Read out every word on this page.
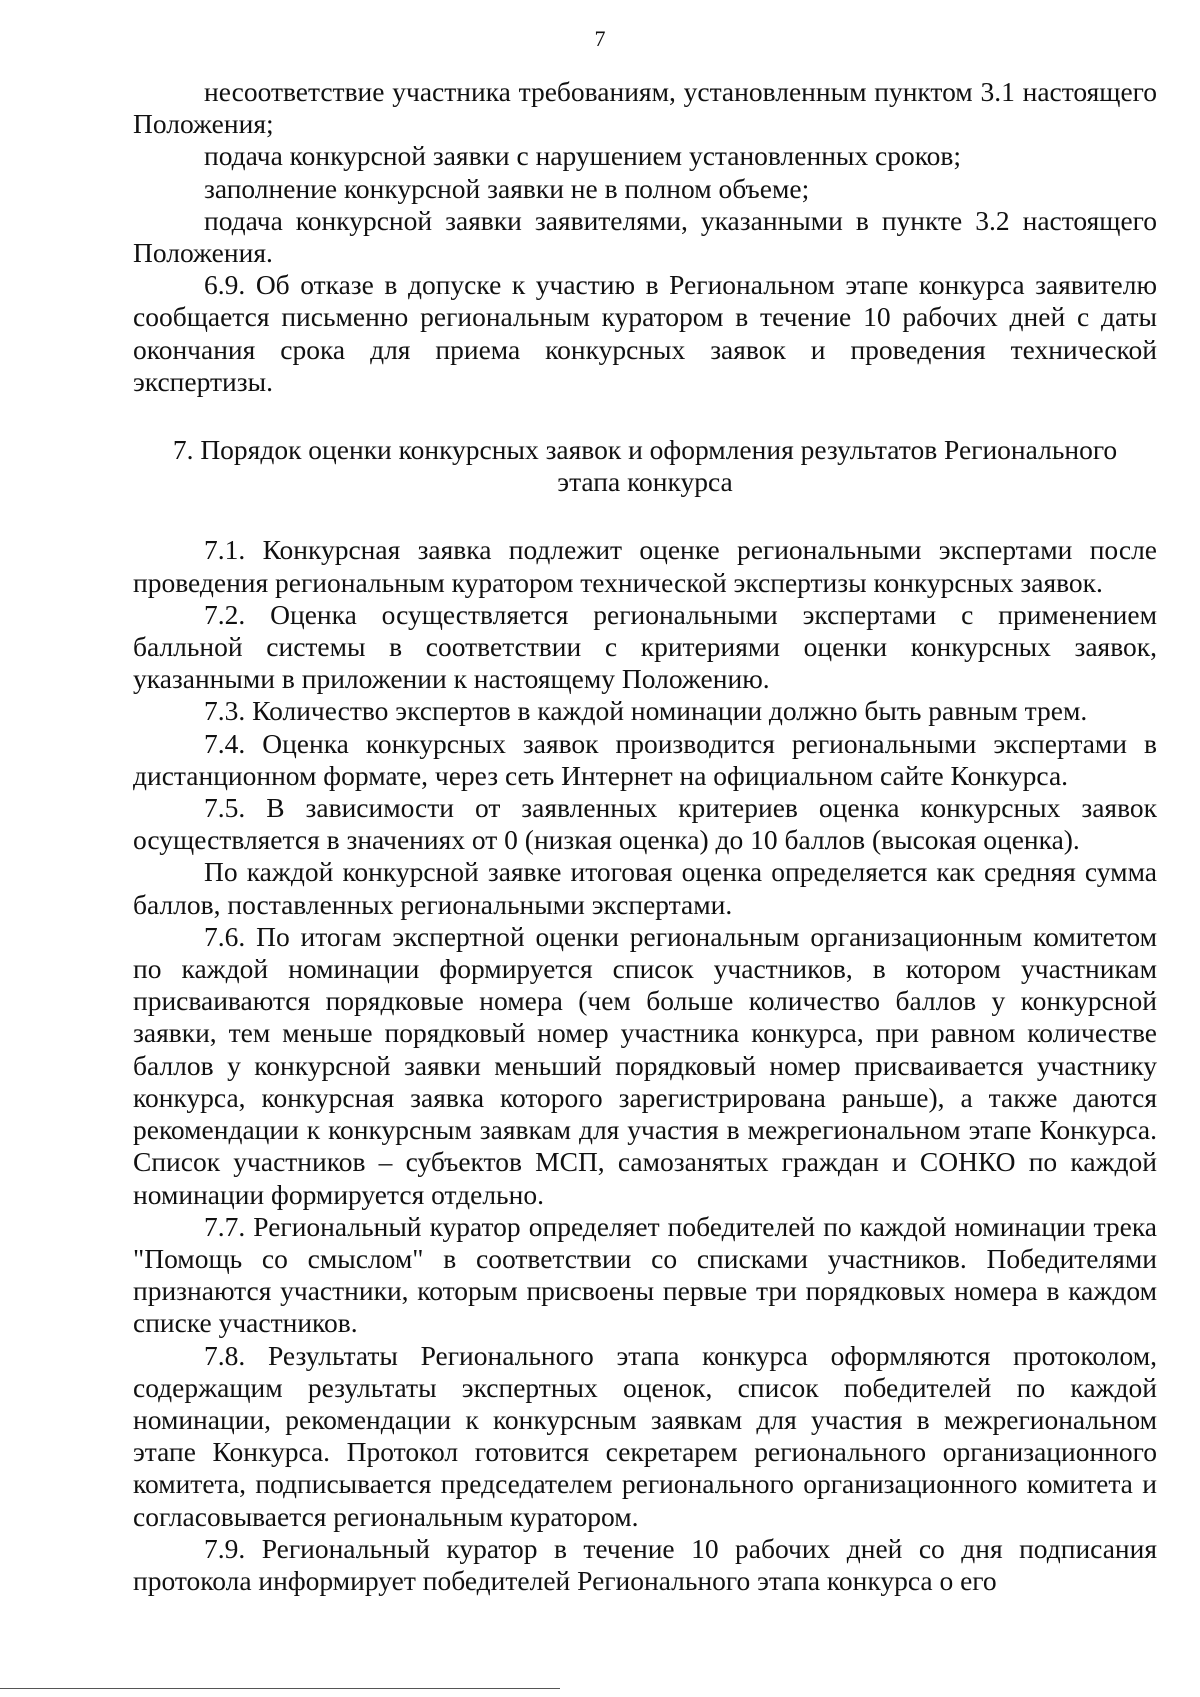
7

несоответствие участника требованиям, установленным пунктом 3.1 настоящего Положения;

подача конкурсной заявки с нарушением установленных сроков;

заполнение конкурсной заявки не в полном объеме;

подача конкурсной заявки заявителями, указанными в пункте 3.2 настоящего Положения.

6.9. Об отказе в допуске к участию в Региональном этапе конкурса заявителю сообщается письменно региональным куратором в течение 10 рабочих дней с даты окончания срока для приема конкурсных заявок и проведения технической экспертизы.

7. Порядок оценки конкурсных заявок и оформления результатов Регионального
этапа конкурса

7.1. Конкурсная заявка подлежит оценке региональными экспертами после проведения региональным куратором технической экспертизы конкурсных заявок.

7.2. Оценка осуществляется региональными экспертами с применением балльной системы в соответствии с критериями оценки конкурсных заявок, указанными в приложении к настоящему Положению.

7.3. Количество экспертов в каждой номинации должно быть равным трем.

7.4. Оценка конкурсных заявок производится региональными экспертами в дистанционном формате, через сеть Интернет на официальном сайте Конкурса.

7.5. В зависимости от заявленных критериев оценка конкурсных заявок осуществляется в значениях от 0 (низкая оценка) до 10 баллов (высокая оценка).

По каждой конкурсной заявке итоговая оценка определяется как средняя сумма баллов, поставленных региональными экспертами.

7.6. По итогам экспертной оценки региональным организационным комитетом по каждой номинации формируется список участников, в котором участникам присваиваются порядковые номера (чем больше количество баллов у конкурсной заявки, тем меньше порядковый номер участника конкурса, при равном количестве баллов у конкурсной заявки меньший порядковый номер присваивается участнику конкурса, конкурсная заявка которого зарегистрирована раньше), а также даются рекомендации к конкурсным заявкам для участия в межрегиональном этапе Конкурса. Список участников – субъектов МСП, самозанятых граждан и СОНКО по каждой номинации формируется отдельно.

7.7. Региональный куратор определяет победителей по каждой номинации трека "Помощь со смыслом" в соответствии со списками участников. Победителями признаются участники, которым присвоены первые три порядковых номера в каждом списке участников.

7.8. Результаты Регионального этапа конкурса оформляются протоколом, содержащим результаты экспертных оценок, список победителей по каждой номинации, рекомендации к конкурсным заявкам для участия в межрегиональном этапе Конкурса. Протокол готовится секретарем регионального организационного комитета, подписывается председателем регионального организационного комитета и согласовывается региональным куратором.

7.9. Региональный куратор в течение 10 рабочих дней со дня подписания протокола информирует победителей Регионального этапа конкурса о его
